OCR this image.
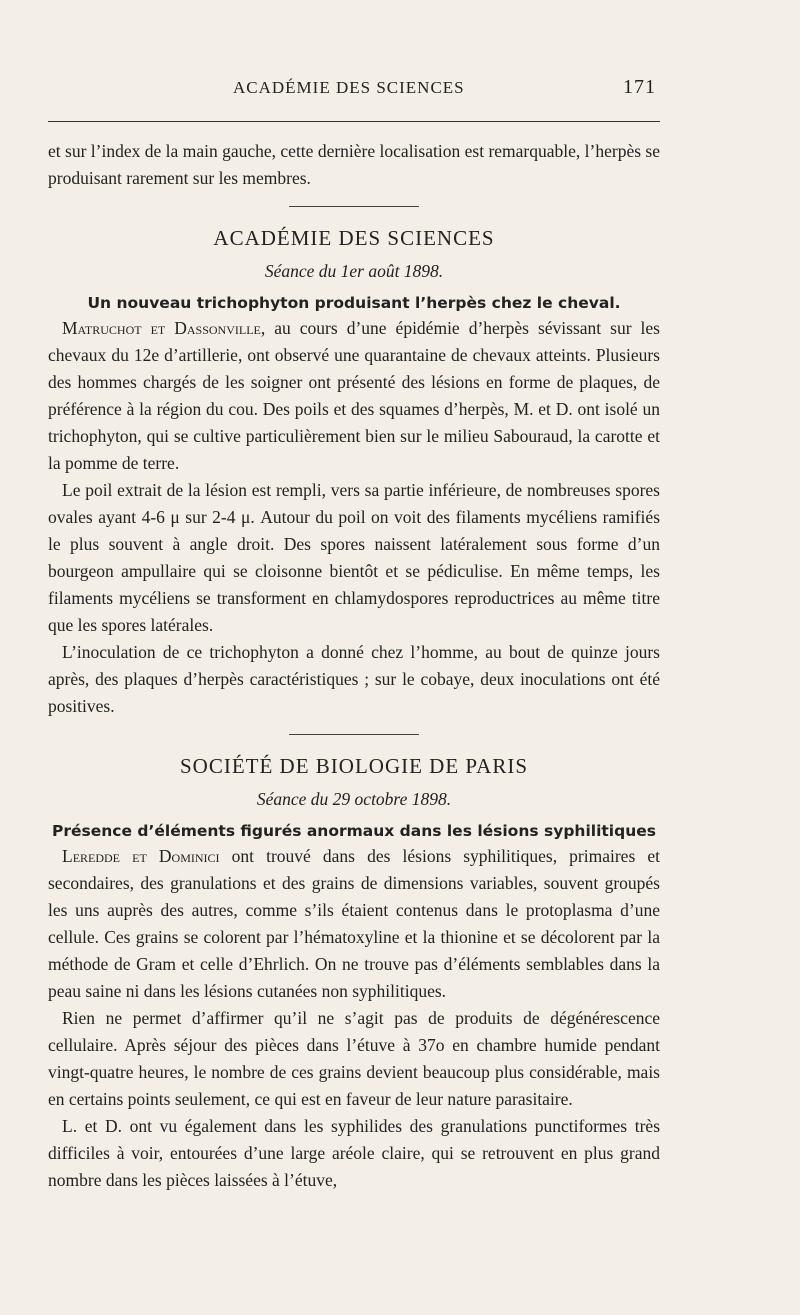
ACADÉMIE DES SCIENCES	171

et sur l’index de la main gauche, cette dernière localisation est remarquable, l’herpès se produisant rarement sur les membres.

ACADÉMIE DES SCIENCES
Séance du 1er août 1898.
Un nouveau trichophyton produisant l’herpès chez le cheval.

Matruchot et Dassonville, au cours d’une épidémie d’herpès sévissant sur les chevaux du 12e d’artillerie, ont observé une quarantaine de chevaux atteints. Plusieurs des hommes chargés de les soigner ont présenté des lésions en forme de plaques, de préférence à la région du cou. Des poils et des squames d’herpès, M. et D. ont isolé un trichophyton, qui se cultive particulièrement bien sur le milieu Sabouraud, la carotte et la pomme de terre.

Le poil extrait de la lésion est rempli, vers sa partie inférieure, de nombreuses spores ovales ayant 4-6 μ sur 2-4 μ. Autour du poil on voit des filaments mycéliens ramifiés le plus souvent à angle droit. Des spores naissent latéralement sous forme d’un bourgeon ampullaire qui se cloisonne bientôt et se pédiculise. En même temps, les filaments mycéliens se transforment en chlamydospores reproductrices au même titre que les spores latérales.

L’inoculation de ce trichophyton a donné chez l’homme, au bout de quinze jours après, des plaques d’herpès caractéristiques ; sur le cobaye, deux inoculations ont été positives.

SOCIÉTÉ DE BIOLOGIE DE PARIS
Séance du 29 octobre 1898.
Présence d’éléments figurés anormaux dans les lésions syphilitiques

Leredde et Dominici ont trouvé dans des lésions syphilitiques, primaires et secondaires, des granulations et des grains de dimensions variables, souvent groupés les uns auprès des autres, comme s’ils étaient contenus dans le protoplasma d’une cellule. Ces grains se colorent par l’hématoxyline et la thionine et se décolorent par la méthode de Gram et celle d’Ehrlich. On ne trouve pas d’éléments semblables dans la peau saine ni dans les lésions cutanées non syphilitiques.

Rien ne permet d’affirmer qu’il ne s’agit pas de produits de dégénérescence cellulaire. Après séjour des pièces dans l’étuve à 37o en chambre humide pendant vingt-quatre heures, le nombre de ces grains devient beaucoup plus considérable, mais en certains points seulement, ce qui est en faveur de leur nature parasitaire.

L. et D. ont vu également dans les syphilides des granulations punctiformes très difficiles à voir, entourées d’une large aréole claire, qui se retrouvent en plus grand nombre dans les pièces laissées à l’étuve,
